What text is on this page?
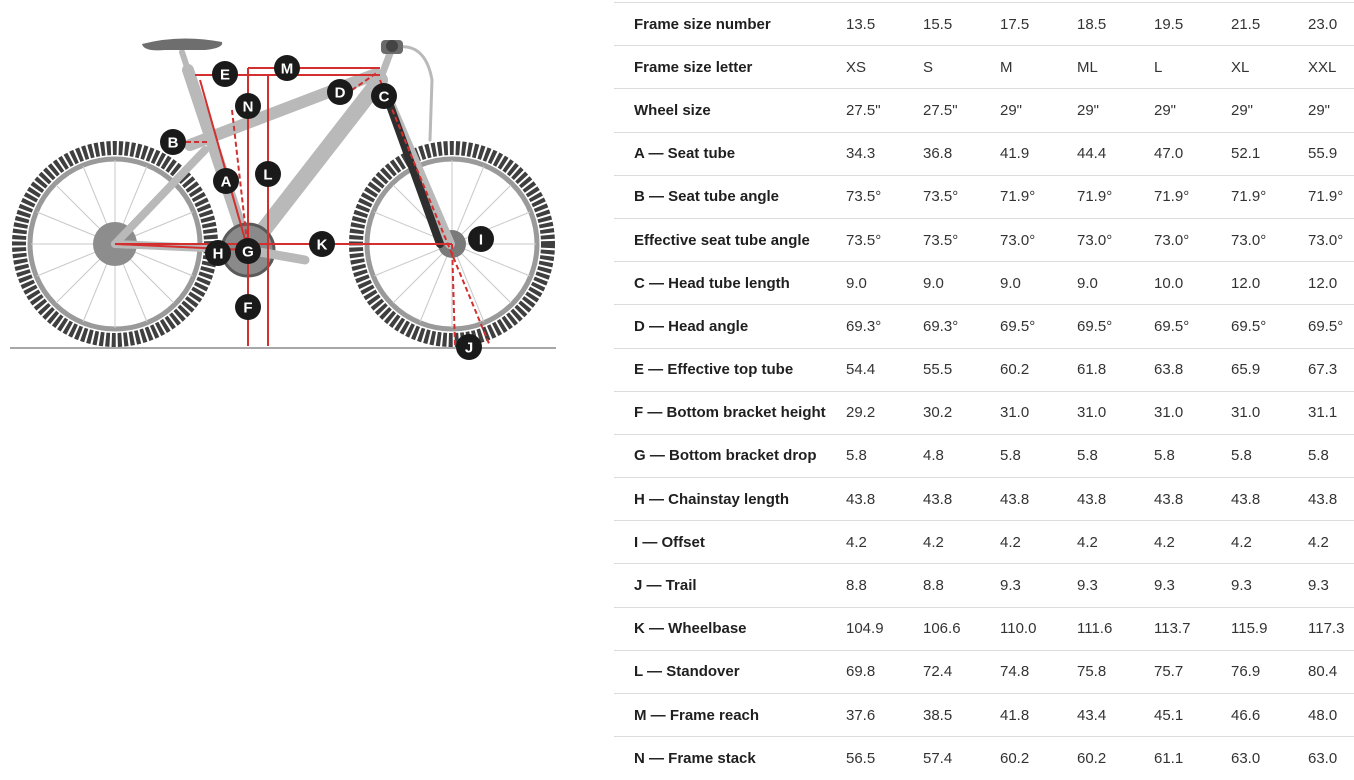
A
B
C
D
E
F
G
H
I
J
K
L
M
N
Frame size number	13.5	15.5	17.5	18.5	19.5	21.5	23.0
Frame size letter	XS	S	M	ML	L	XL	XXL
Wheel size	27.5"	27.5"	29"	29"	29"	29"	29"
A — Seat tube	34.3	36.8	41.9	44.4	47.0	52.1	55.9
B — Seat tube angle	73.5°	73.5°	71.9°	71.9°	71.9°	71.9°	71.9°
Effective seat tube angle	73.5°	73.5°	73.0°	73.0°	73.0°	73.0°	73.0°
C — Head tube length	9.0	9.0	9.0	9.0	10.0	12.0	12.0
D — Head angle	69.3°	69.3°	69.5°	69.5°	69.5°	69.5°	69.5°
E — Effective top tube	54.4	55.5	60.2	61.8	63.8	65.9	67.3
F — Bottom bracket height	29.2	30.2	31.0	31.0	31.0	31.0	31.1
G — Bottom bracket drop	5.8	4.8	5.8	5.8	5.8	5.8	5.8
H — Chainstay length	43.8	43.8	43.8	43.8	43.8	43.8	43.8
I — Offset	4.2	4.2	4.2	4.2	4.2	4.2	4.2
J — Trail	8.8	8.8	9.3	9.3	9.3	9.3	9.3
K — Wheelbase	104.9	106.6	110.0	111.6	113.7	115.9	117.3
L — Standover	69.8	72.4	74.8	75.8	75.7	76.9	80.4
M — Frame reach	37.6	38.5	41.8	43.4	45.1	46.6	48.0
N — Frame stack	56.5	57.4	60.2	60.2	61.1	63.0	63.0
